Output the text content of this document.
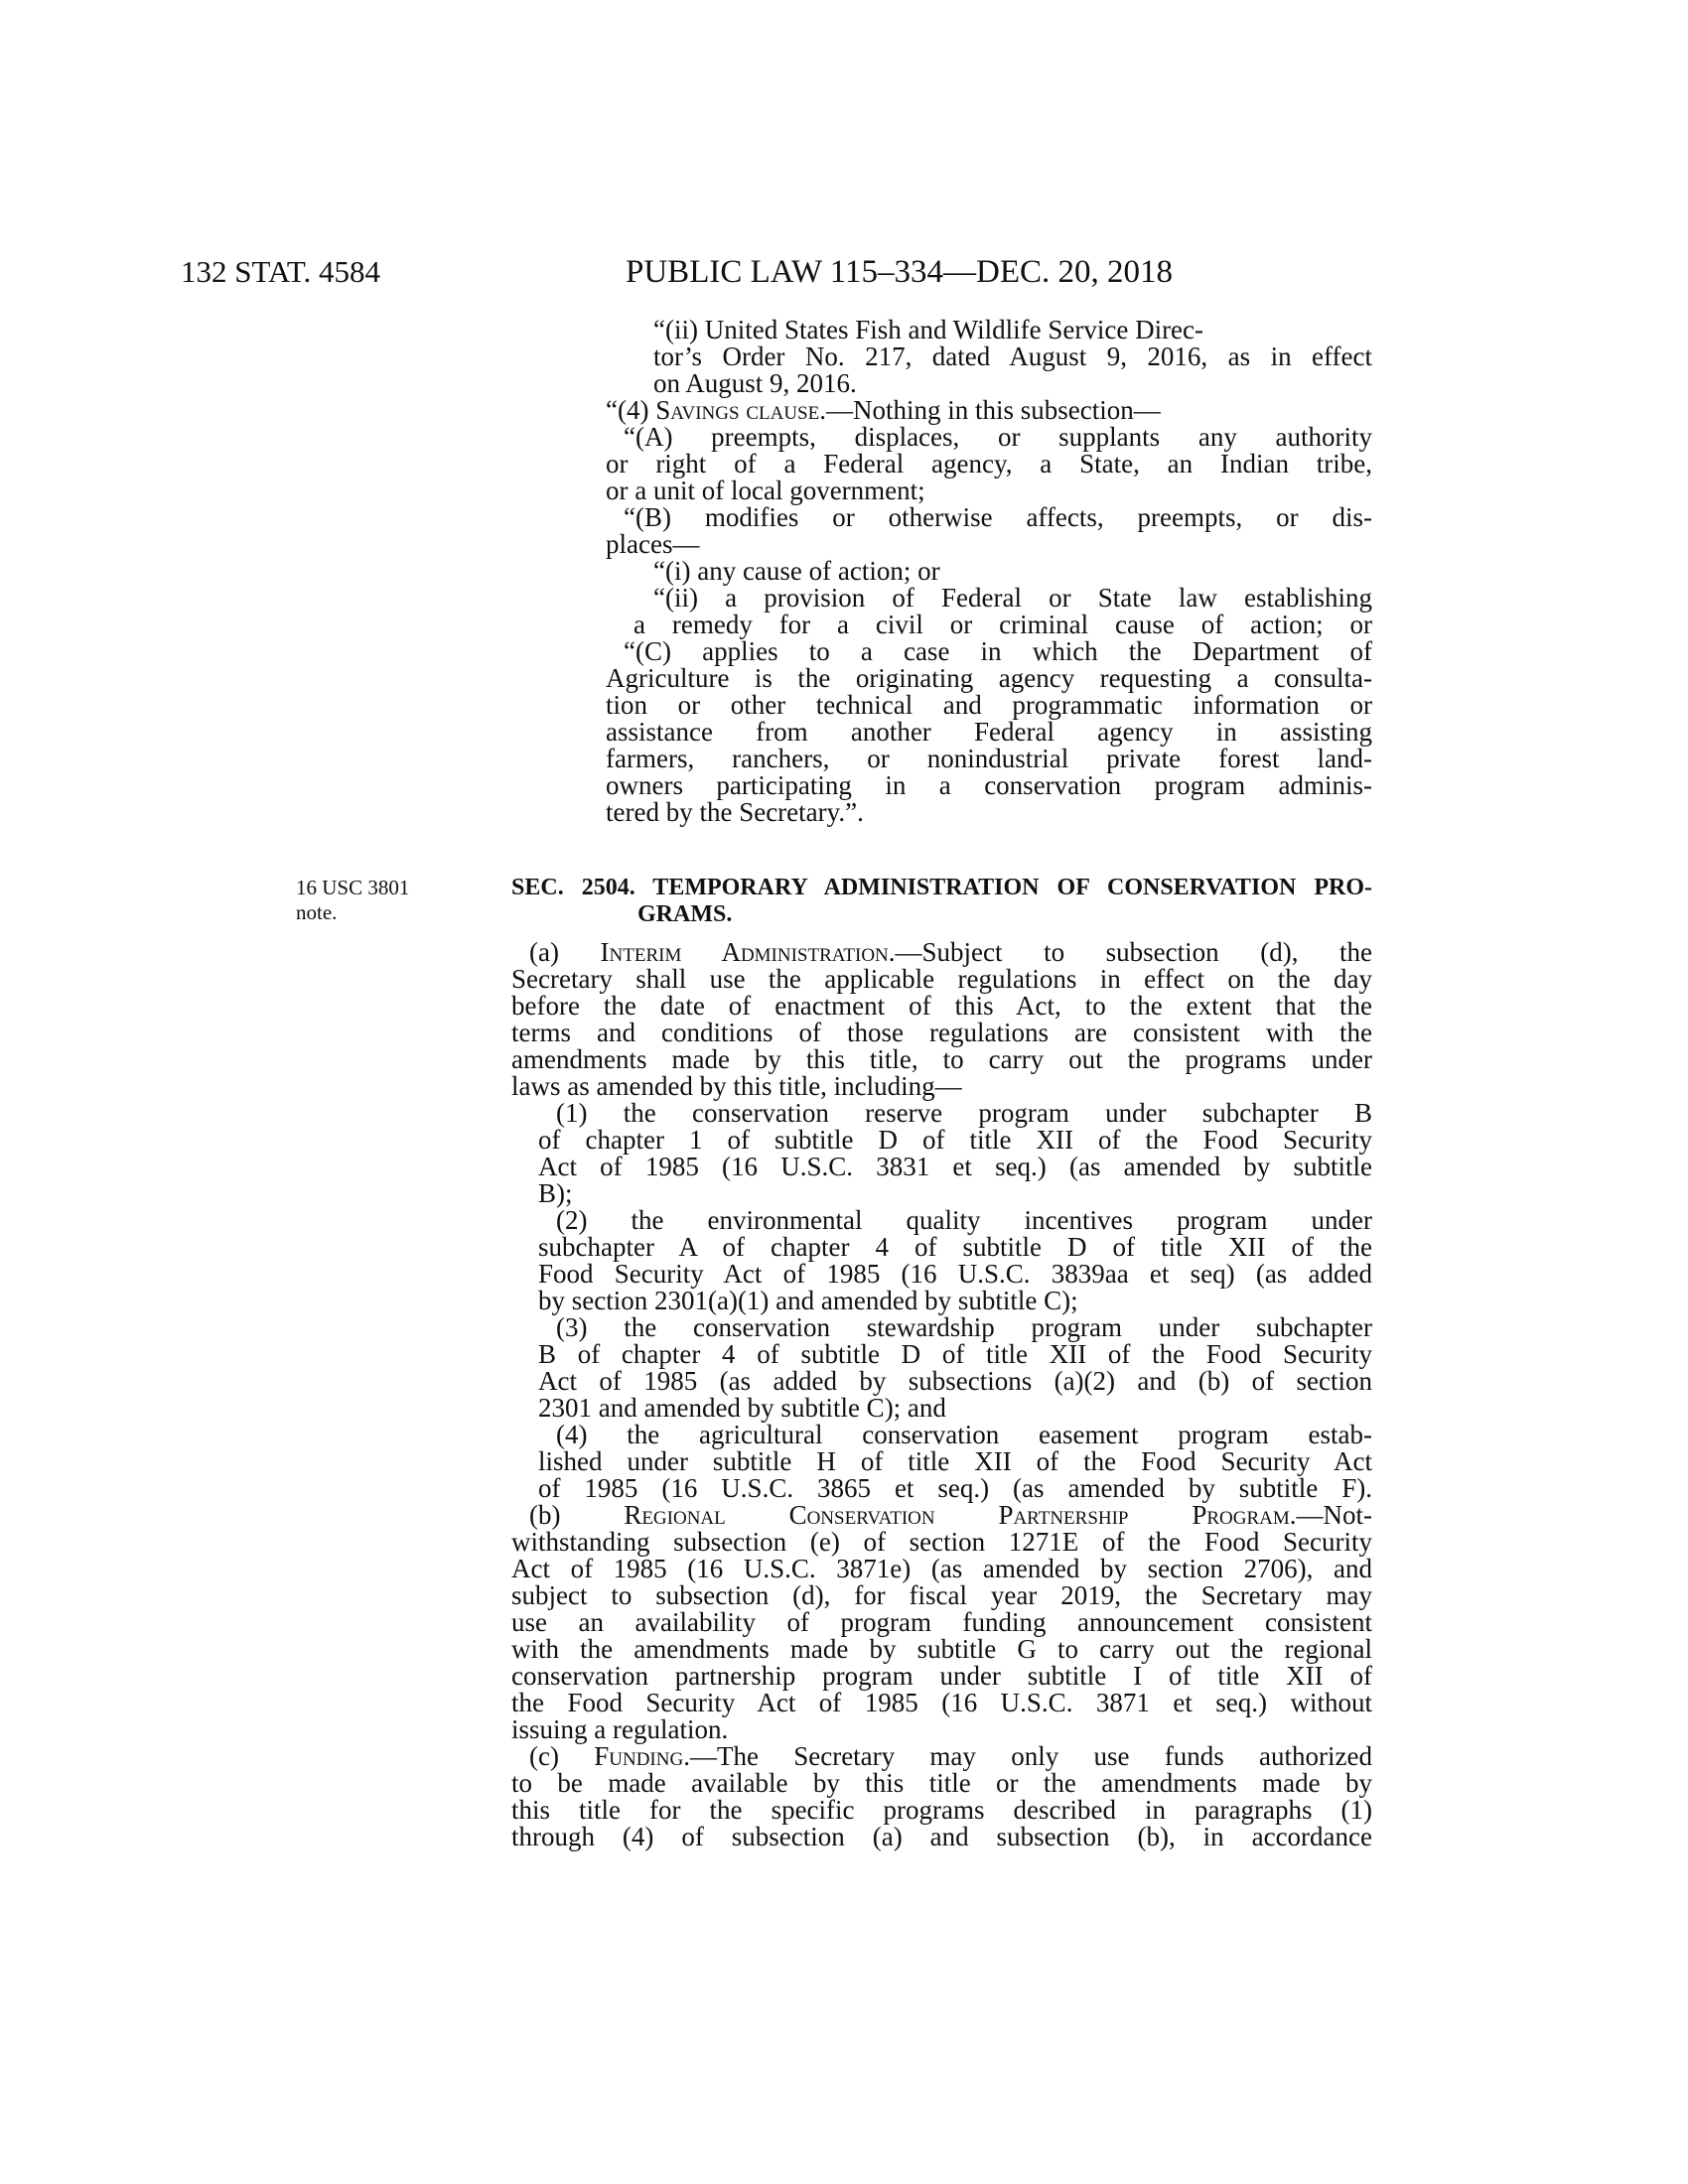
132 STAT. 4584	PUBLIC LAW 115–334—DEC. 20, 2018
“(ii) United States Fish and Wildlife Service Direc-
tor’s Order No. 217, dated August 9, 2016, as in effect
on August 9, 2016.
“(4) Savings clause.—Nothing in this subsection—
“(A) preempts, displaces, or supplants any authority
or right of a Federal agency, a State, an Indian tribe,
or a unit of local government;
“(B) modifies or otherwise affects, preempts, or dis-
places—
“(i) any cause of action; or
“(ii) a provision of Federal or State law establishing
a remedy for a civil or criminal cause of action; or
“(C) applies to a case in which the Department of
Agriculture is the originating agency requesting a consulta-
tion or other technical and programmatic information or
assistance from another Federal agency in assisting
farmers, ranchers, or nonindustrial private forest land-
owners participating in a conservation program adminis-
tered by the Secretary.”.
16 USC 3801
note.
SEC. 2504. TEMPORARY ADMINISTRATION OF CONSERVATION PRO-
GRAMS.
(a) Interim Administration.—Subject to subsection (d), the
Secretary shall use the applicable regulations in effect on the day
before the date of enactment of this Act, to the extent that the
terms and conditions of those regulations are consistent with the
amendments made by this title, to carry out the programs under
laws as amended by this title, including—
(1) the conservation reserve program under subchapter B
of chapter 1 of subtitle D of title XII of the Food Security
Act of 1985 (16 U.S.C. 3831 et seq.) (as amended by subtitle
B);
(2) the environmental quality incentives program under
subchapter A of chapter 4 of subtitle D of title XII of the
Food Security Act of 1985 (16 U.S.C. 3839aa et seq) (as added
by section 2301(a)(1) and amended by subtitle C);
(3) the conservation stewardship program under subchapter
B of chapter 4 of subtitle D of title XII of the Food Security
Act of 1985 (as added by subsections (a)(2) and (b) of section
2301 and amended by subtitle C); and
(4) the agricultural conservation easement program estab-
lished under subtitle H of title XII of the Food Security Act
of 1985 (16 U.S.C. 3865 et seq.) (as amended by subtitle F).
(b) Regional Conservation Partnership Program.—Not-
withstanding subsection (e) of section 1271E of the Food Security
Act of 1985 (16 U.S.C. 3871e) (as amended by section 2706), and
subject to subsection (d), for fiscal year 2019, the Secretary may
use an availability of program funding announcement consistent
with the amendments made by subtitle G to carry out the regional
conservation partnership program under subtitle I of title XII of
the Food Security Act of 1985 (16 U.S.C. 3871 et seq.) without
issuing a regulation.
(c) Funding.—The Secretary may only use funds authorized
to be made available by this title or the amendments made by
this title for the specific programs described in paragraphs (1)
through (4) of subsection (a) and subsection (b), in accordance
